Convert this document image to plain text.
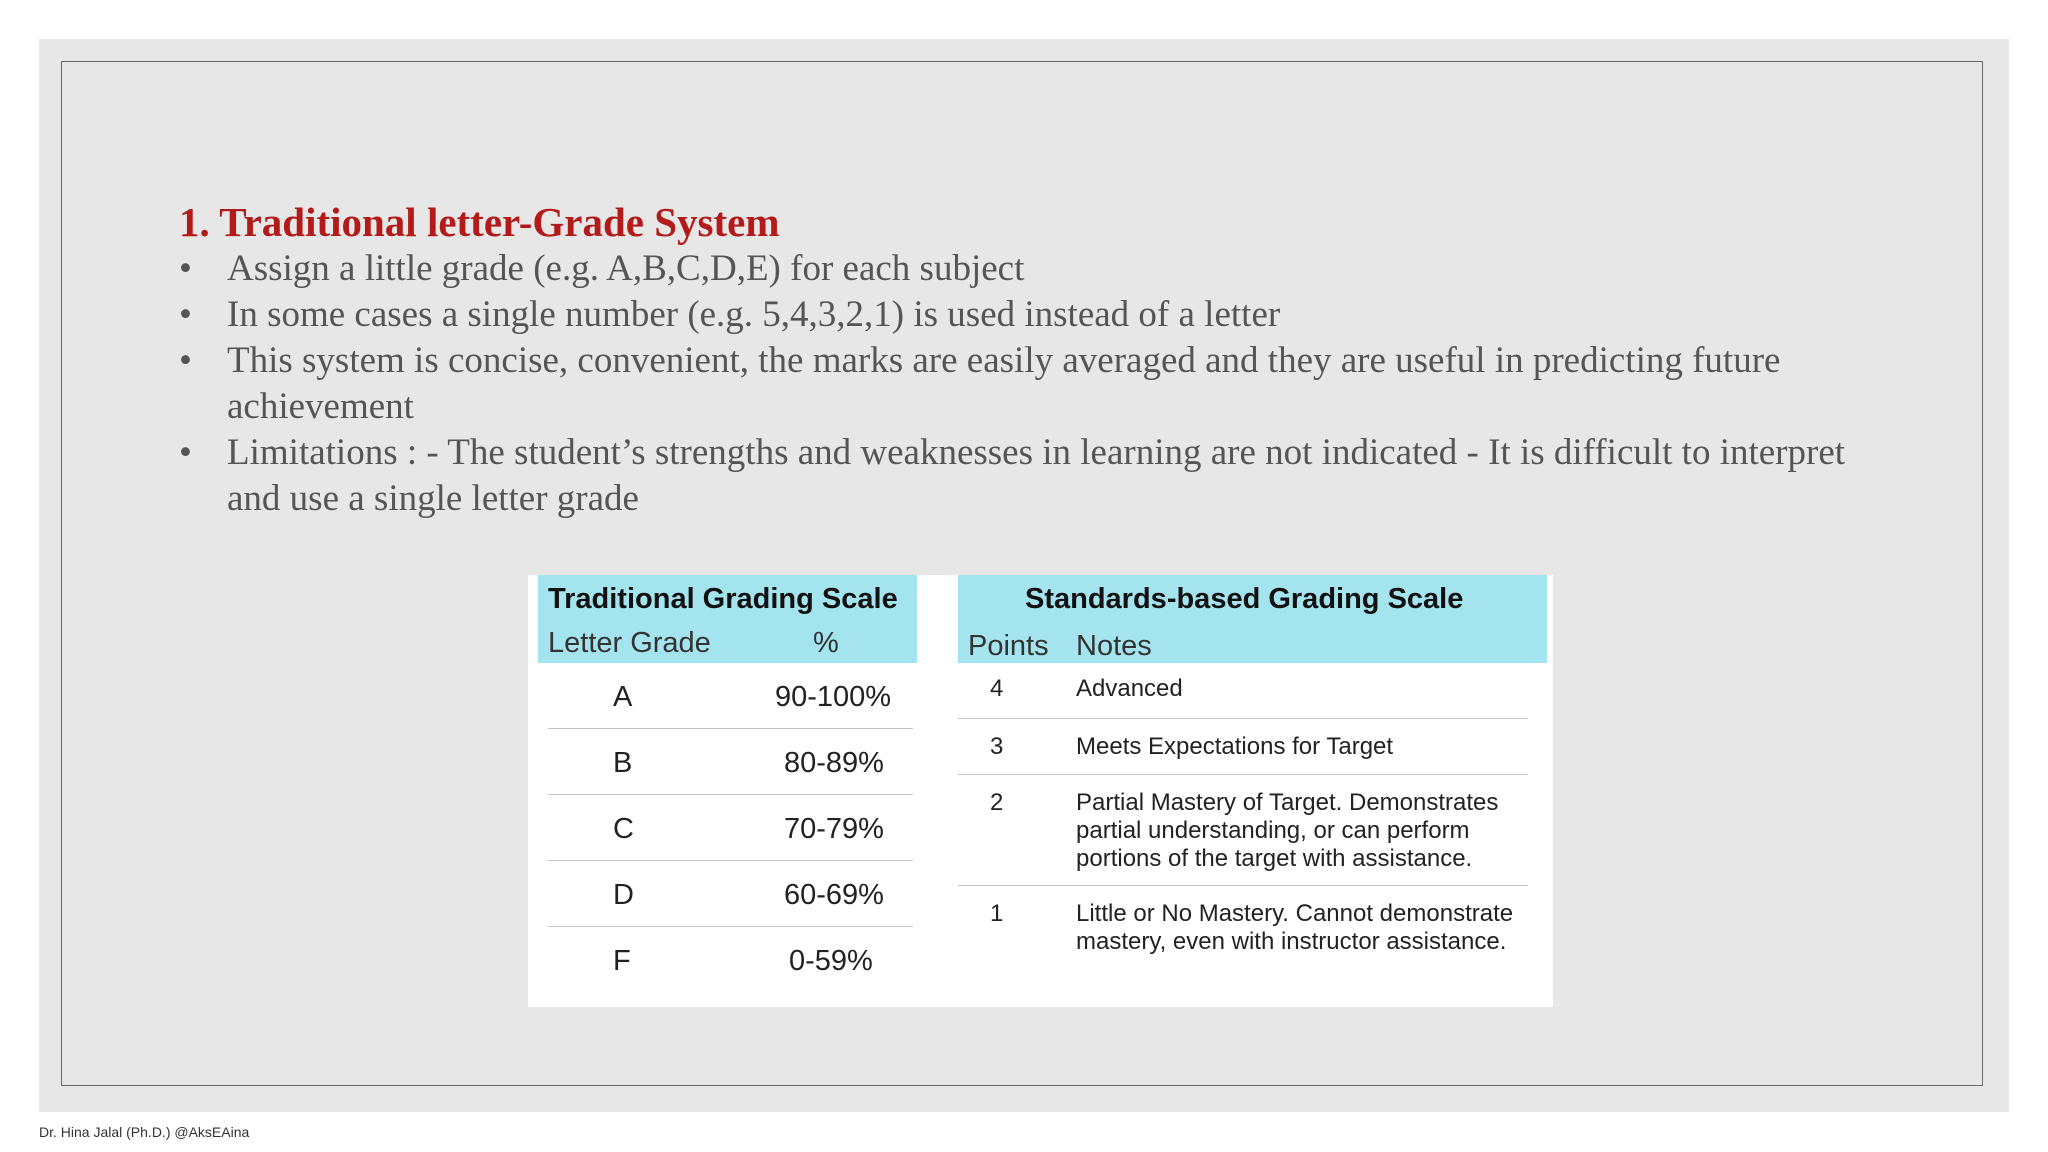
1. Traditional letter-Grade System
• Assign a little grade (e.g. A,B,C,D,E) for each subject
• In some cases a single number (e.g. 5,4,3,2,1) is used instead of a letter
• This system is concise, convenient, the marks are easily averaged and they are useful in predicting future achievement
• Limitations : - The student’s strengths and weaknesses in learning are not indicated - It is difficult to interpret and use a single letter grade
Traditional Grading Scale
Letter Grade	%
A	90-100%
B	80-89%
C	70-79%
D	60-69%
F	0-59%
Standards-based Grading Scale
Points Notes
4	Advanced
3	Meets Expectations for Target
2	Partial Mastery of Target. Demonstrates partial understanding, or can perform portions of the target with assistance.
1	Little or No Mastery. Cannot demonstrate mastery, even with instructor assistance.
Dr. Hina Jalal (Ph.D.) @AksEAina
